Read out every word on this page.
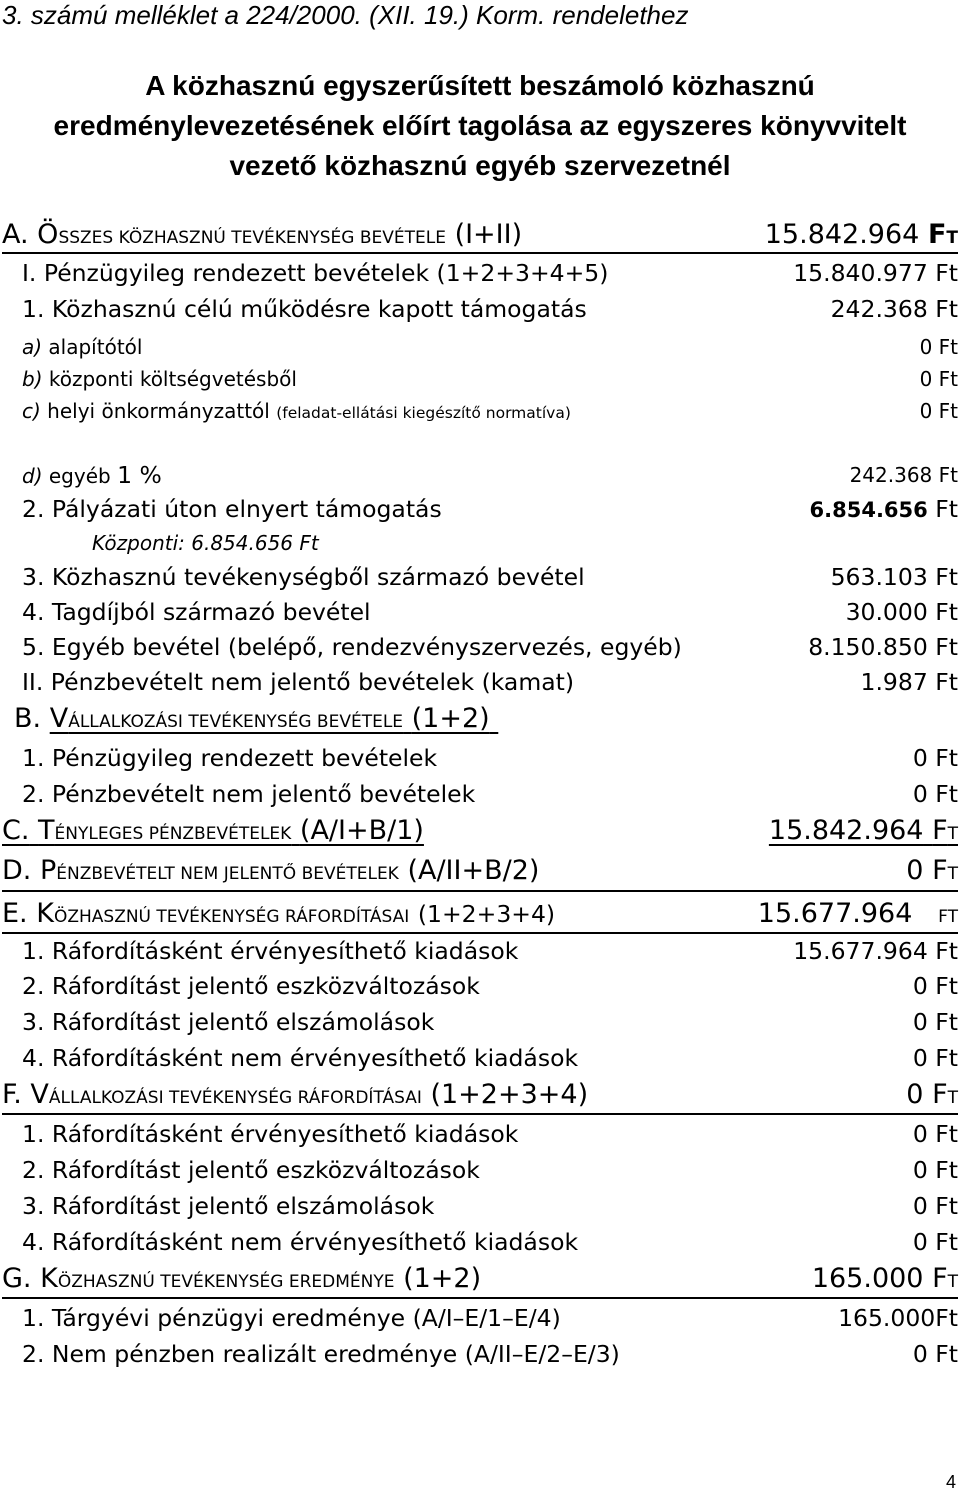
3. számú melléklet a 224/2000. (XII. 19.) Korm. rendelethez
A közhasznú egyszerűsített beszámoló közhasznú
eredménylevezetésének előírt tagolása az egyszeres könyvvitelt
vezető közhasznú egyéb szervezetnél
A. ÖSSZES KÖZHASZNÚ TEVÉKENYSÉG BEVÉTELE (I+II)	15.842.964 FT
I. Pénzügyileg rendezett bevételek (1+2+3+4+5)	15.840.977 Ft
1. Közhasznú célú működésre kapott támogatás	242.368 Ft
a) alapítótól	0 Ft
b) központi költségvetésből	0 Ft
c) helyi önkormányzattól (feladat-ellátási kiegészítő normatíva)	0 Ft
d) egyéb 1 %	242.368 Ft
2. Pályázati úton elnyert támogatás	6.854.656 Ft
Központi: 6.854.656 Ft
3. Közhasznú tevékenységből származó bevétel	563.103 Ft
4. Tagdíjból származó bevétel	30.000 Ft
5. Egyéb bevétel (belépő, rendezvényszervezés, egyéb)	8.150.850 Ft
II. Pénzbevételt nem jelentő bevételek (kamat)	1.987 Ft
B. VÁLLALKOZÁSI TEVÉKENYSÉG BEVÉTELE (1+2)
1. Pénzügyileg rendezett bevételek	0 Ft
2. Pénzbevételt nem jelentő bevételek	0 Ft
C. TÉNYLEGES PÉNZBEVÉTELEK (A/I+B/1)	15.842.964 FT
D. PÉNZBEVÉTELT NEM JELENTŐ BEVÉTELEK (A/II+B/2)	0 FT
E. KÖZHASZNÚ TEVÉKENYSÉG RÁFORDÍTÁSAI (1+2+3+4)	15.677.964 FT
1. Ráfordításként érvényesíthető kiadások	15.677.964 Ft
2. Ráfordítást jelentő eszközváltozások	0 Ft
3. Ráfordítást jelentő elszámolások	0 Ft
4. Ráfordításként nem érvényesíthető kiadások	0 Ft
F. VÁLLALKOZÁSI TEVÉKENYSÉG RÁFORDÍTÁSAI (1+2+3+4)	0 FT
1. Ráfordításként érvényesíthető kiadások	0 Ft
2. Ráfordítást jelentő eszközváltozások	0 Ft
3. Ráfordítást jelentő elszámolások	0 Ft
4. Ráfordításként nem érvényesíthető kiadások	0 Ft
G. KÖZHASZNÚ TEVÉKENYSÉG EREDMÉNYE (1+2)	165.000 FT
1. Tárgyévi pénzügyi eredménye (A/I–E/1–E/4)	165.000Ft
2. Nem pénzben realizált eredménye (A/II–E/2–E/3)	0 Ft
4
